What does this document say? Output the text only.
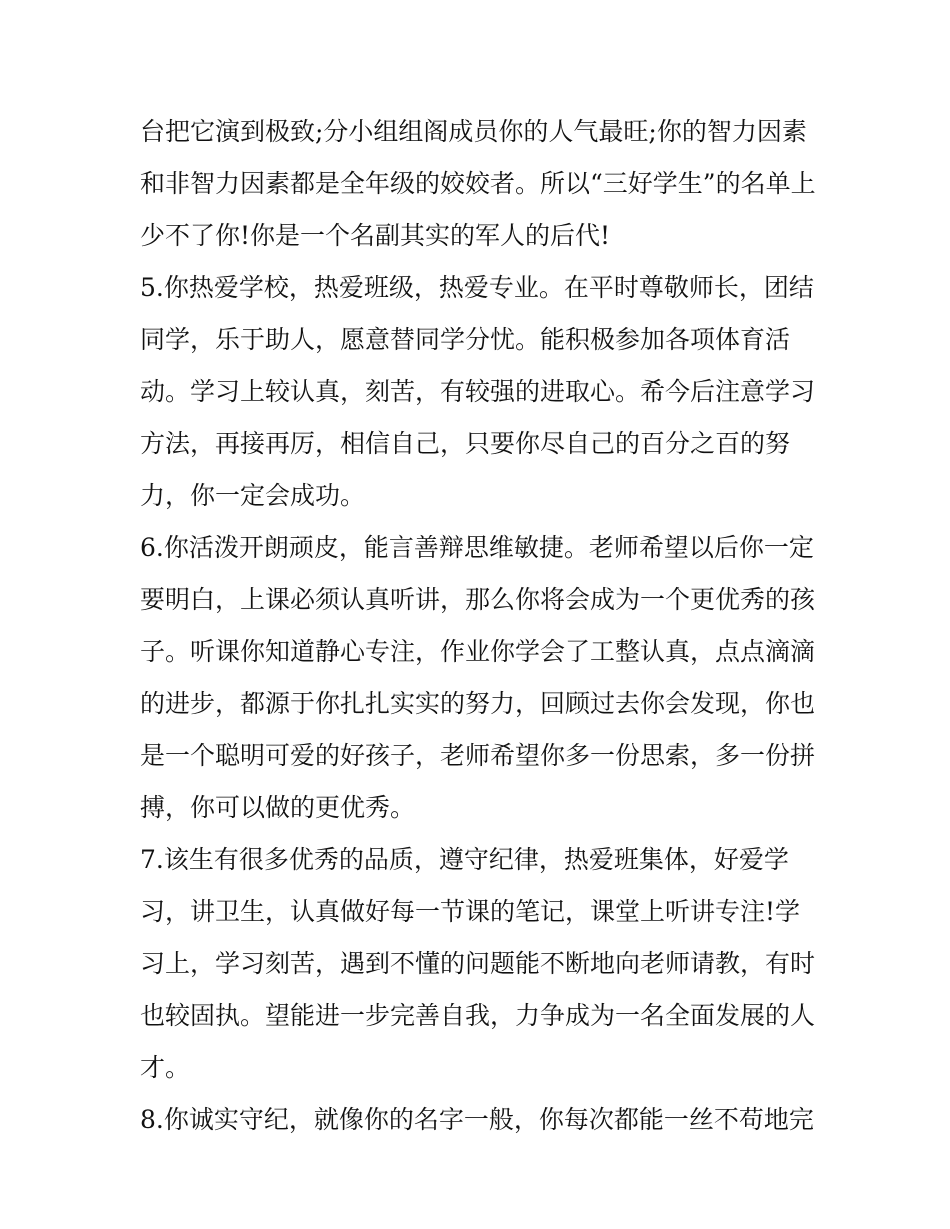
台把它演到极致;分小组组阁成员你的人气最旺;你的智力因素
和非智力因素都是全年级的姣姣者。所以“三好学生”的名单上
少不了你!你是一个名副其实的军人的后代!
5.你热爱学校，热爱班级，热爱专业。在平时尊敬师长，团结
同学，乐于助人，愿意替同学分忧。能积极参加各项体育活
动。学习上较认真，刻苦，有较强的进取心。希今后注意学习
方法，再接再厉，相信自己，只要你尽自己的百分之百的努
力，你一定会成功。
6.你活泼开朗顽皮，能言善辩思维敏捷。老师希望以后你一定
要明白，上课必须认真听讲，那么你将会成为一个更优秀的孩
子。听课你知道静心专注，作业你学会了工整认真，点点滴滴
的进步，都源于你扎扎实实的努力，回顾过去你会发现，你也
是一个聪明可爱的好孩子，老师希望你多一份思索，多一份拼
搏，你可以做的更优秀。
7.该生有很多优秀的品质，遵守纪律，热爱班集体，好爱学
习，讲卫生，认真做好每一节课的笔记，课堂上听讲专注!学
习上，学习刻苦，遇到不懂的问题能不断地向老师请教，有时
也较固执。望能进一步完善自我，力争成为一名全面发展的人
才。
8.你诚实守纪，就像你的名字一般，你每次都能一丝不苟地完
